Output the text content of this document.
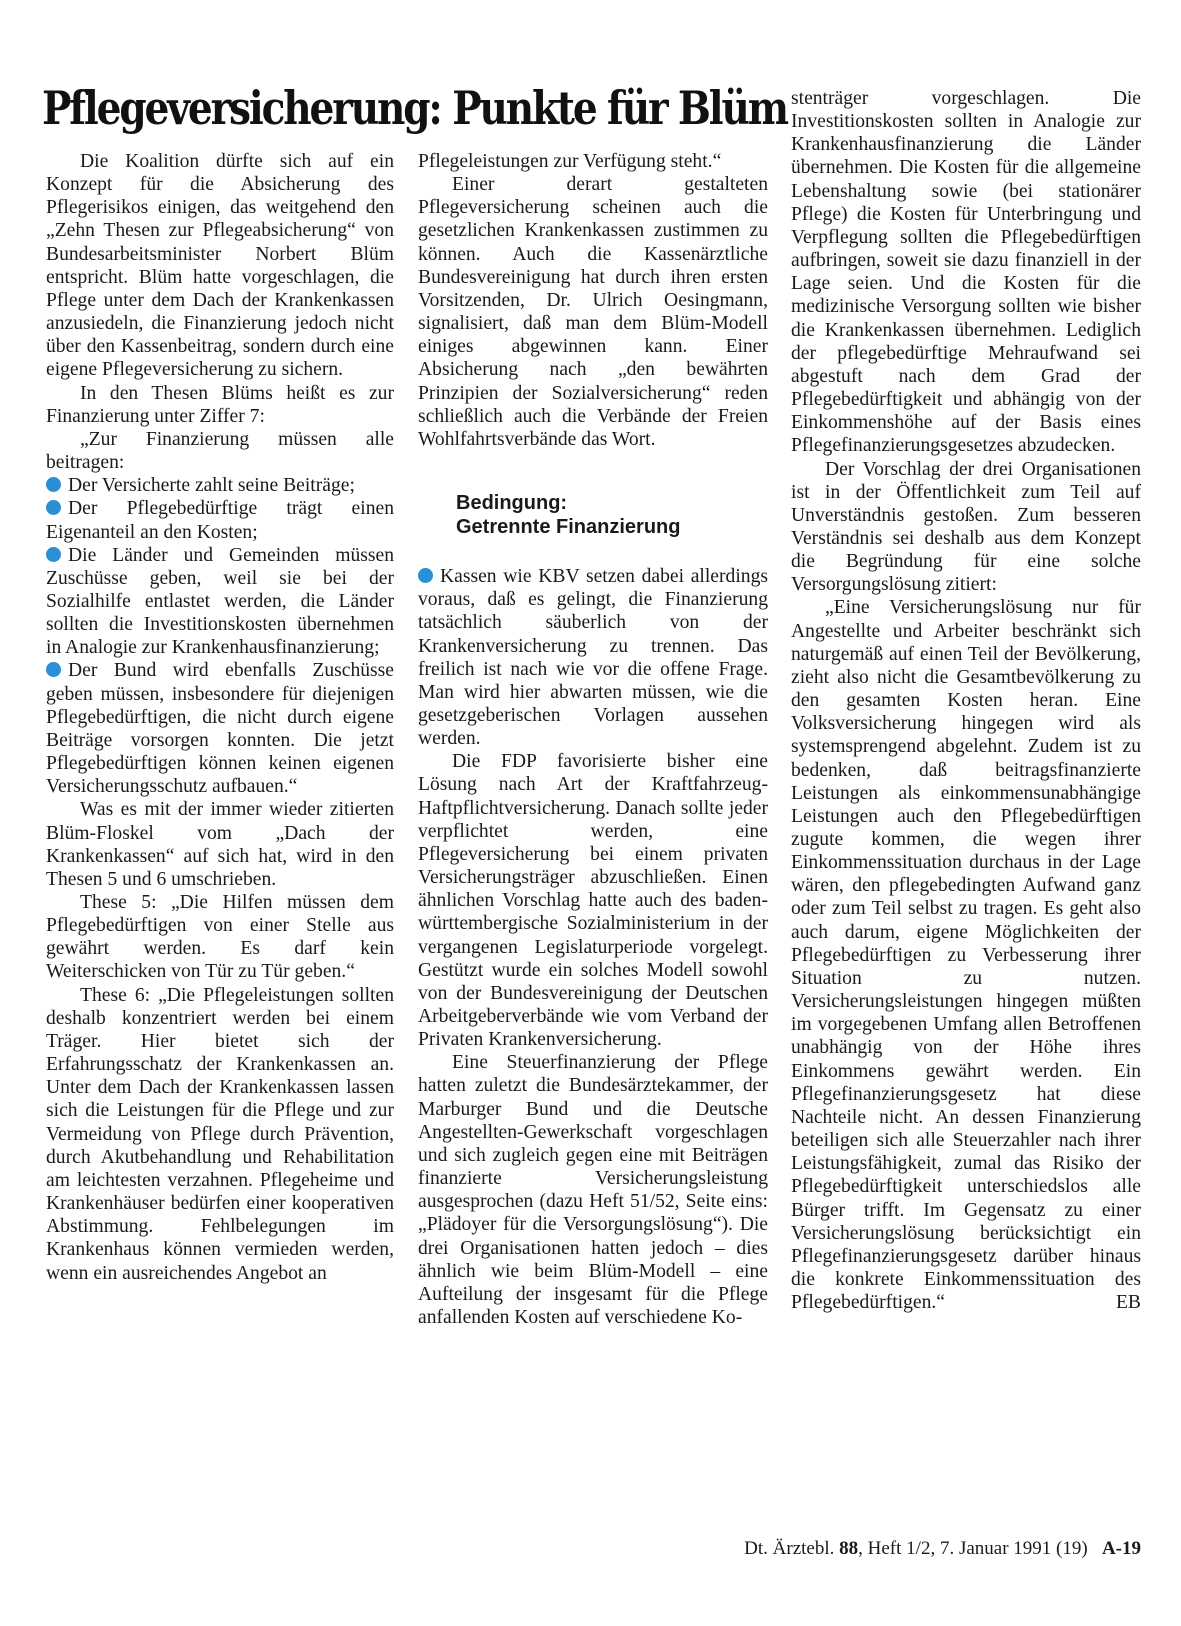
Pflegeversicherung: Punkte für Blüm

Die Koalition dürfte sich auf ein Konzept für die Absicherung des Pflegerisikos einigen, das weitgehend den „Zehn Thesen zur Pflegeabsicherung“ von Bundesarbeitsminister Norbert Blüm entspricht. Blüm hatte vorgeschlagen, die Pflege unter dem Dach der Krankenkassen anzusiedeln, die Finanzierung jedoch nicht über den Kassenbeitrag, sondern durch eine eigene Pflegeversicherung zu sichern.

In den Thesen Blüms heißt es zur Finanzierung unter Ziffer 7:

„Zur Finanzierung müssen alle beitragen:

Der Versicherte zahlt seine Beiträge;

Der Pflegebedürftige trägt einen Eigenanteil an den Kosten;

Die Länder und Gemeinden müssen Zuschüsse geben, weil sie bei der Sozialhilfe entlastet werden, die Länder sollten die Investitionskosten übernehmen in Analogie zur Krankenhausfinanzierung;

Der Bund wird ebenfalls Zuschüsse geben müssen, insbesondere für diejenigen Pflegebedürftigen, die nicht durch eigene Beiträge vorsorgen konnten. Die jetzt Pflegebedürftigen können keinen eigenen Versicherungsschutz aufbauen.“

Was es mit der immer wieder zitierten Blüm-Floskel vom „Dach der Krankenkassen“ auf sich hat, wird in den Thesen 5 und 6 umschrieben.

These 5: „Die Hilfen müssen dem Pflegebedürftigen von einer Stelle aus gewährt werden. Es darf kein Weiterschicken von Tür zu Tür geben.“

These 6: „Die Pflegeleistungen sollten deshalb konzentriert werden bei einem Träger. Hier bietet sich der Erfahrungsschatz der Krankenkassen an. Unter dem Dach der Krankenkassen lassen sich die Leistungen für die Pflege und zur Vermeidung von Pflege durch Prävention, durch Akutbehandlung und Rehabilitation am leichtesten verzahnen. Pflegeheime und Krankenhäuser bedürfen einer kooperativen Abstimmung. Fehlbelegungen im Krankenhaus können vermieden werden, wenn ein ausreichendes Angebot an

Pflegeleistungen zur Verfügung steht.“

Einer derart gestalteten Pflegeversicherung scheinen auch die gesetzlichen Krankenkassen zustimmen zu können. Auch die Kassenärztliche Bundesvereinigung hat durch ihren ersten Vorsitzenden, Dr. Ulrich Oesingmann, signalisiert, daß man dem Blüm-Modell einiges abgewinnen kann. Einer Absicherung nach „den bewährten Prinzipien der Sozialversicherung“ reden schließlich auch die Verbände der Freien Wohlfahrtsverbände das Wort.

Bedingung:
Getrennte Finanzierung

Kassen wie KBV setzen dabei allerdings voraus, daß es gelingt, die Finanzierung tatsächlich säuberlich von der Krankenversicherung zu trennen. Das freilich ist nach wie vor die offene Frage. Man wird hier abwarten müssen, wie die gesetzgeberischen Vorlagen aussehen werden.

Die FDP favorisierte bisher eine Lösung nach Art der Kraftfahrzeug-Haftpflichtversicherung. Danach sollte jeder verpflichtet werden, eine Pflegeversicherung bei einem privaten Versicherungsträger abzuschließen. Einen ähnlichen Vorschlag hatte auch des baden-württembergische Sozialministerium in der vergangenen Legislaturperiode vorgelegt. Gestützt wurde ein solches Modell sowohl von der Bundesvereinigung der Deutschen Arbeitgeberverbände wie vom Verband der Privaten Krankenversicherung.

Eine Steuerfinanzierung der Pflege hatten zuletzt die Bundesärztekammer, der Marburger Bund und die Deutsche Angestellten-Gewerkschaft vorgeschlagen und sich zugleich gegen eine mit Beiträgen finanzierte Versicherungsleistung ausgesprochen (dazu Heft 51/52, Seite eins: „Plädoyer für die Versorgungslösung“). Die drei Organisationen hatten jedoch – dies ähnlich wie beim Blüm-Modell – eine Aufteilung der insgesamt für die Pflege anfallenden Kosten auf verschiedene Ko-

stenträger vorgeschlagen. Die Investitionskosten sollten in Analogie zur Krankenhausfinanzierung die Länder übernehmen. Die Kosten für die allgemeine Lebenshaltung sowie (bei stationärer Pflege) die Kosten für Unterbringung und Verpflegung sollten die Pflegebedürftigen aufbringen, soweit sie dazu finanziell in der Lage seien. Und die Kosten für die medizinische Versorgung sollten wie bisher die Krankenkassen übernehmen. Lediglich der pflegebedürftige Mehraufwand sei abgestuft nach dem Grad der Pflegebedürftigkeit und abhängig von der Einkommenshöhe auf der Basis eines Pflegefinanzierungsgesetzes abzudecken.

Der Vorschlag der drei Organisationen ist in der Öffentlichkeit zum Teil auf Unverständnis gestoßen. Zum besseren Verständnis sei deshalb aus dem Konzept die Begründung für eine solche Versorgungslösung zitiert:

„Eine Versicherungslösung nur für Angestellte und Arbeiter beschränkt sich naturgemäß auf einen Teil der Bevölkerung, zieht also nicht die Gesamtbevölkerung zu den gesamten Kosten heran. Eine Volksversicherung hingegen wird als systemsprengend abgelehnt. Zudem ist zu bedenken, daß beitragsfinanzierte Leistungen als einkommensunabhängige Leistungen auch den Pflegebedürftigen zugute kommen, die wegen ihrer Einkommenssituation durchaus in der Lage wären, den pflegebedingten Aufwand ganz oder zum Teil selbst zu tragen. Es geht also auch darum, eigene Möglichkeiten der Pflegebedürftigen zu Verbesserung ihrer Situation zu nutzen. Versicherungsleistungen hingegen müßten im vorgegebenen Umfang allen Betroffenen unabhängig von der Höhe ihres Einkommens gewährt werden. Ein Pflegefinanzierungsgesetz hat diese Nachteile nicht. An dessen Finanzierung beteiligen sich alle Steuerzahler nach ihrer Leistungsfähigkeit, zumal das Risiko der Pflegebedürftigkeit unterschiedslos alle Bürger trifft. Im Gegensatz zu einer Versicherungslösung berücksichtigt ein Pflegefinanzierungsgesetz darüber hinaus die konkrete Einkommenssituation des Pflegebedürftigen.“	EB

Dt. Ärztebl. 88, Heft 1/2, 7. Januar 1991 (19) A-19
